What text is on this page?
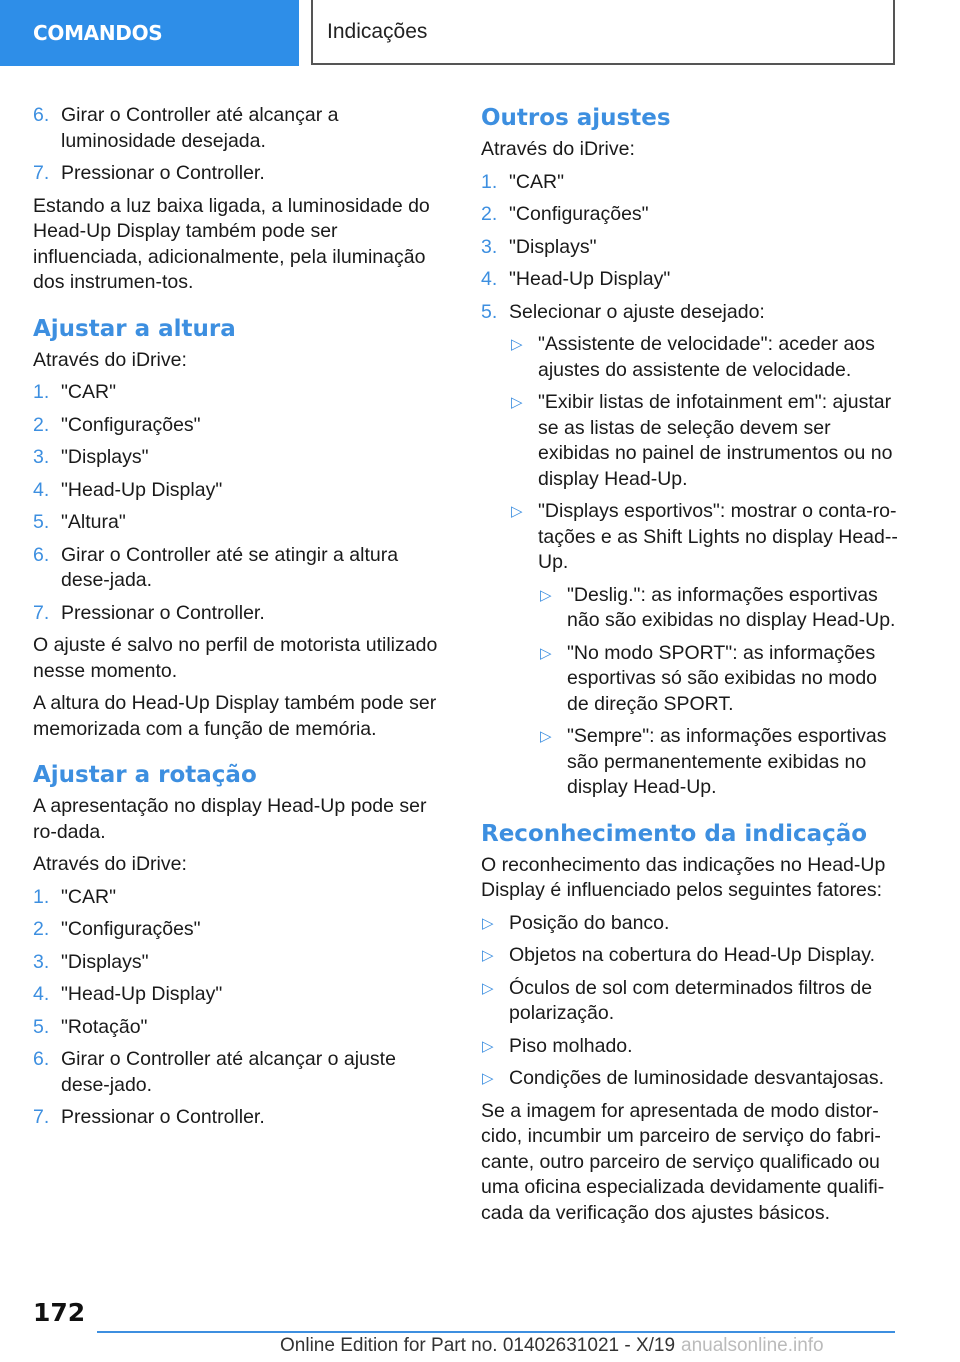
COMANDOS	Indicações
6. Girar o Controller até alcançar a luminosidade desejada.
7. Pressionar o Controller.

Estando a luz baixa ligada, a luminosidade do Head-Up Display também pode ser influenciada, adicionalmente, pela iluminação dos instrumen-tos.

Ajustar a altura

Através do iDrive:

1. "CAR"
2. "Configurações"
3. "Displays"
4. "Head-Up Display"
5. "Altura"
6. Girar o Controller até se atingir a altura dese-jada.
7. Pressionar o Controller.

O ajuste é salvo no perfil de motorista utilizado nesse momento.

A altura do Head-Up Display também pode ser memorizada com a função de memória.

Ajustar a rotação

A apresentação no display Head-Up pode ser ro-dada.

Através do iDrive:

1. "CAR"
2. "Configurações"
3. "Displays"
4. "Head-Up Display"
5. "Rotação"
6. Girar o Controller até alcançar o ajuste dese-jado.
7. Pressionar o Controller.
Outros ajustes

Através do iDrive:

1. "CAR"
2. "Configurações"
3. "Displays"
4. "Head-Up Display"
5. Selecionar o ajuste desejado:
▷ "Assistente de velocidade": aceder aos ajustes do assistente de velocidade.
▷ "Exibir listas de infotainment em": ajustar se as listas de seleção devem ser exibidas no painel de instrumentos ou no display Head-Up.
▷ "Displays esportivos": mostrar o conta-ro-tações e as Shift Lights no display Head--Up.
▷ "Deslig.": as informações esportivas não são exibidas no display Head-Up.
▷ "No modo SPORT": as informações esportivas só são exibidas no modo de direção SPORT.
▷ "Sempre": as informações esportivas são permanentemente exibidas no display Head-Up.
Reconhecimento da indicação

O reconhecimento das indicações no Head-Up Display é influenciado pelos seguintes fatores:

▷ Posição do banco.
▷ Objetos na cobertura do Head-Up Display.
▷ Óculos de sol com determinados filtros de polarização.
▷ Piso molhado.
▷ Condições de luminosidade desvantajosas.

Se a imagem for apresentada de modo distor-cido, incumbir um parceiro de serviço do fabri-cante, outro parceiro de serviço qualificado ou uma oficina especializada devidamente qualifi-cada da verificação dos ajustes básicos.

172
Online Edition for Part no. 01402631021 - X/19 anualsonline.info
